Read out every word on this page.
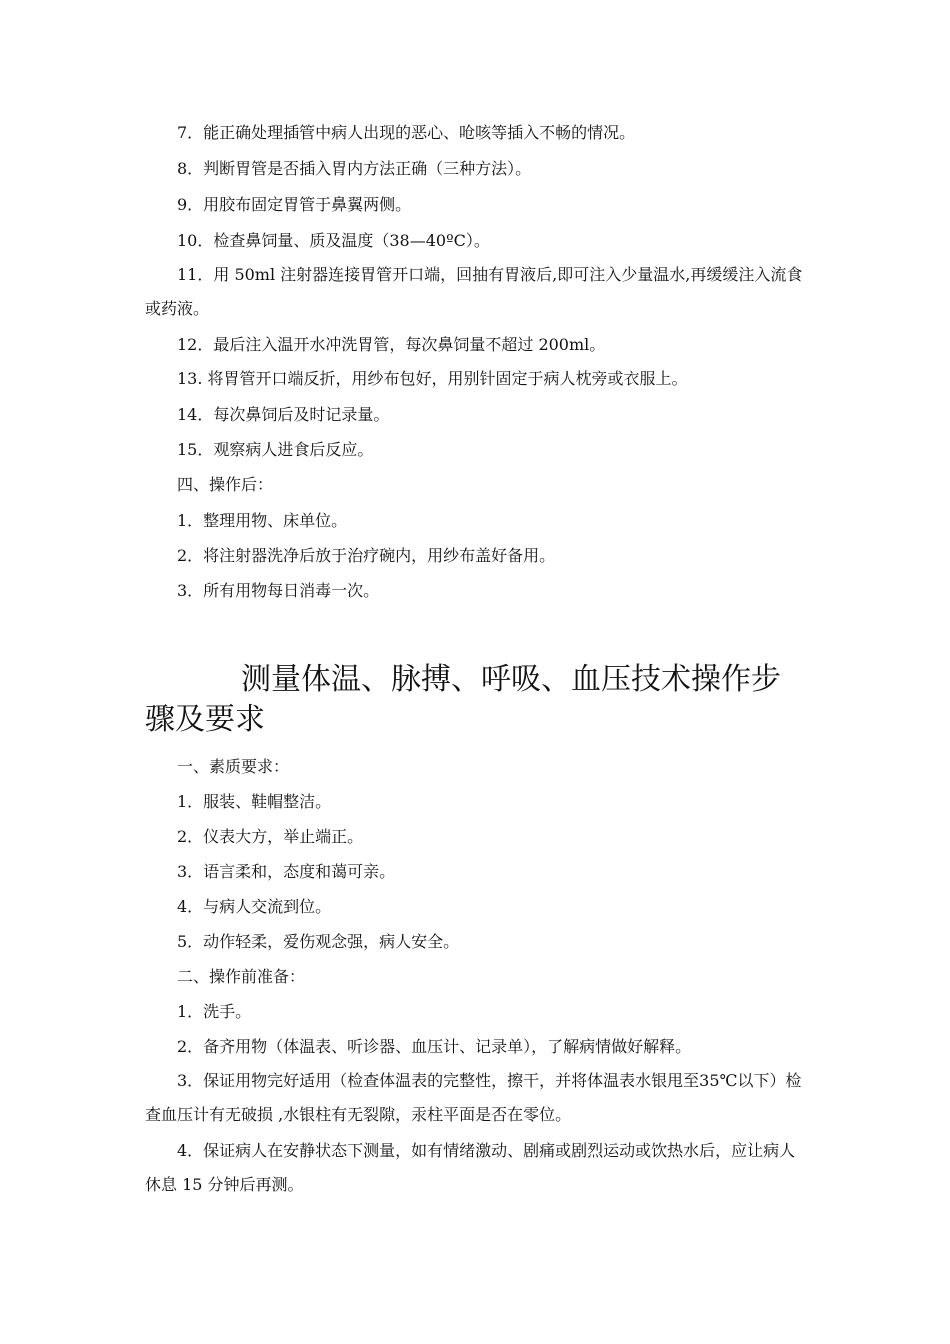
7．能正确处理插管中病人出现的恶心、呛咳等插入不畅的情况。
8．判断胃管是否插入胃内方法正确（三种方法）。
9．用胶布固定胃管于鼻翼两侧。
10．检查鼻饲量、质及温度（38—40ºC）。
11．用 50ml 注射器连接胃管开口端，回抽有胃液后,即可注入少量温水,再缓缓注入流食或药液。
12．最后注入温开水冲洗胃管，每次鼻饲量不超过 200ml。
13. 将胃管开口端反折，用纱布包好，用别针固定于病人枕旁或衣服上。
14．每次鼻饲后及时记录量。
15．观察病人进食后反应。
四、操作后：
1．整理用物、床单位。
2．将注射器洗净后放于治疗碗内，用纱布盖好备用。
3．所有用物每日消毒一次。
测量体温、脉搏、呼吸、血压技术操作步骤及要求
一、素质要求：
1．服装、鞋帽整洁。
2．仪表大方，举止端正。
3．语言柔和，态度和蔼可亲。
4．与病人交流到位。
5．动作轻柔，爱伤观念强，病人安全。
二、操作前准备：
1．洗手。
2．备齐用物（体温表、听诊器、血压计、记录单），了解病情做好解释。
3．保证用物完好适用（检查体温表的完整性，擦干，并将体温表水银甩至35℃以下）检查血压计有无破损 ,水银柱有无裂隙，汞柱平面是否在零位。
4．保证病人在安静状态下测量，如有情绪激动、剧痛或剧烈运动或饮热水后，应让病人休息 15 分钟后再测。
